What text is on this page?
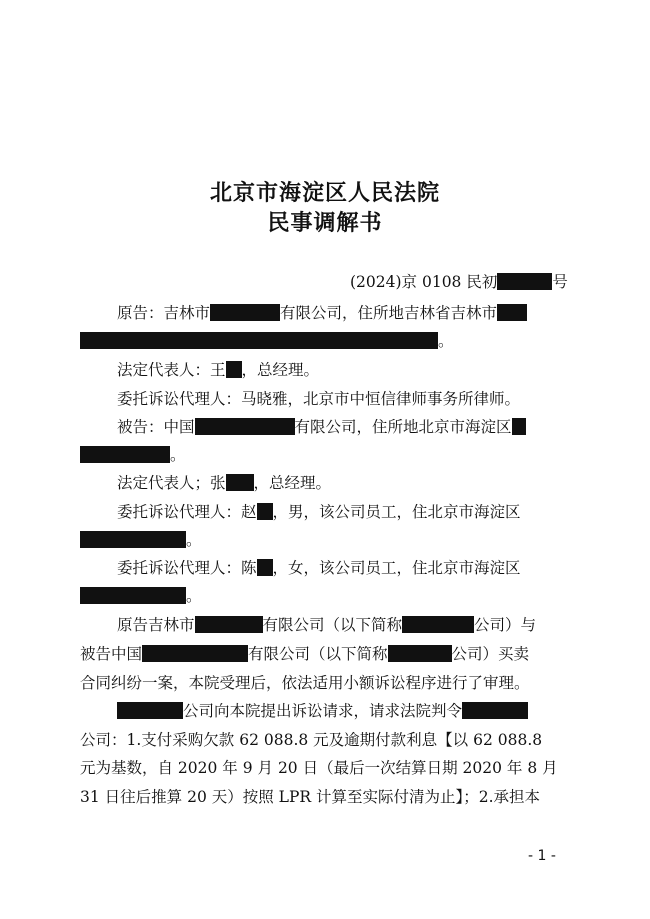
北京市海淀区人民法院
民事调解书
(2024)京 0108 民初	号
原告：吉林市	有限公司，住所地吉林省吉林市
。
法定代表人：王 ，总经理。
委托诉讼代理人：马晓雅，北京市中恒信律师事务所律师。
被告：中国	有限公司，住所地北京市海淀区
。
法定代表人；张 ，总经理。
委托诉讼代理人：赵 ，男，该公司员工，住北京市海淀区
。
委托诉讼代理人：陈 ，女，该公司员工，住北京市海淀区
。
原告吉林市	有限公司（以下简称	公司）与
被告中国	有限公司（以下简称	公司）买卖
合同纠纷一案，本院受理后，依法适用小额诉讼程序进行了审理。
公司向本院提出诉讼请求，请求法院判令
公司：1.支付采购欠款 62 088.8 元及逾期付款利息【以 62 088.8
元为基数，自 2020 年 9 月 20 日（最后一次结算日期 2020 年 8 月
31 日往后推算 20 天）按照 LPR 计算至实际付清为止】；2.承担本
- 1 -
